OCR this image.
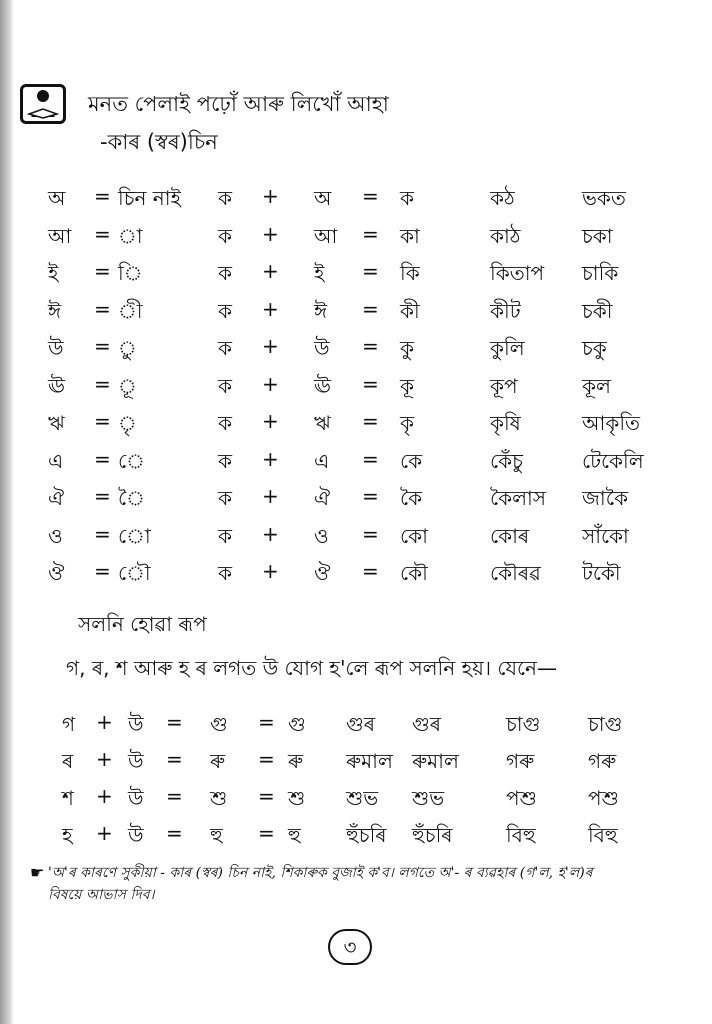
মনত পেলাই পঢ়োঁ আৰু লিখোঁ আহা
-কাৰ (স্বৰ)চিন
অ = চিন নাই ক + অ = ক	কঠ	ভকত
আ = া	ক + আ = কা	কাঠ	চকা
ই = ি	ক + ই = কি	কিতাপ চাকি
ঈ = ী	ক + ঈ = কী	কীট	চকী
উ = ু	ক + উ = কু	কুলি	চকু
ঊ = ূ	ক + ঊ = কূ	কূপ	কূল
ঋ = ৃ	ক + ঋ = কৃ	কৃষি	আকৃতি
এ = ে	ক + এ = কে	কেঁচু	টেকেলি
ঐ = ৈ	ক + ঐ = কৈ	কৈলাস জাকৈ
ও = ো	ক + ও = কো	কোৰ	সাঁকো
ঔ = ৌ	ক + ঔ = কৌ	কৌৰৱ টকৌ
সলনি হোৱা ৰূপ
গ, ৰ, শ আৰু হ ৰ লগত উ যোগ হ'লে ৰূপ সলনি হয়। যেনে—
গ + উ = গু = গু গুৰ গুৰ	চাগু চাগু
ৰ + উ = ৰু = ৰু ৰুমাল ৰুমাল গৰু	গৰু
শ + উ = শু = শু শুভ শুভ	পশু	পশু
হ + উ = হু = হু হুঁচৰি হুঁচৰি	বিহু	বিহু
☛ 'অ'ৰ কাৰণে সুকীয়া - কাৰ (স্বৰ) চিন নাই, শিকাৰুক বুজাই ক'ব। লগতে অ'- ৰ ব্যৱহাৰ (গ'ল, হ'ল)ৰ
বিষয়ে আভাস দিব।
৩
